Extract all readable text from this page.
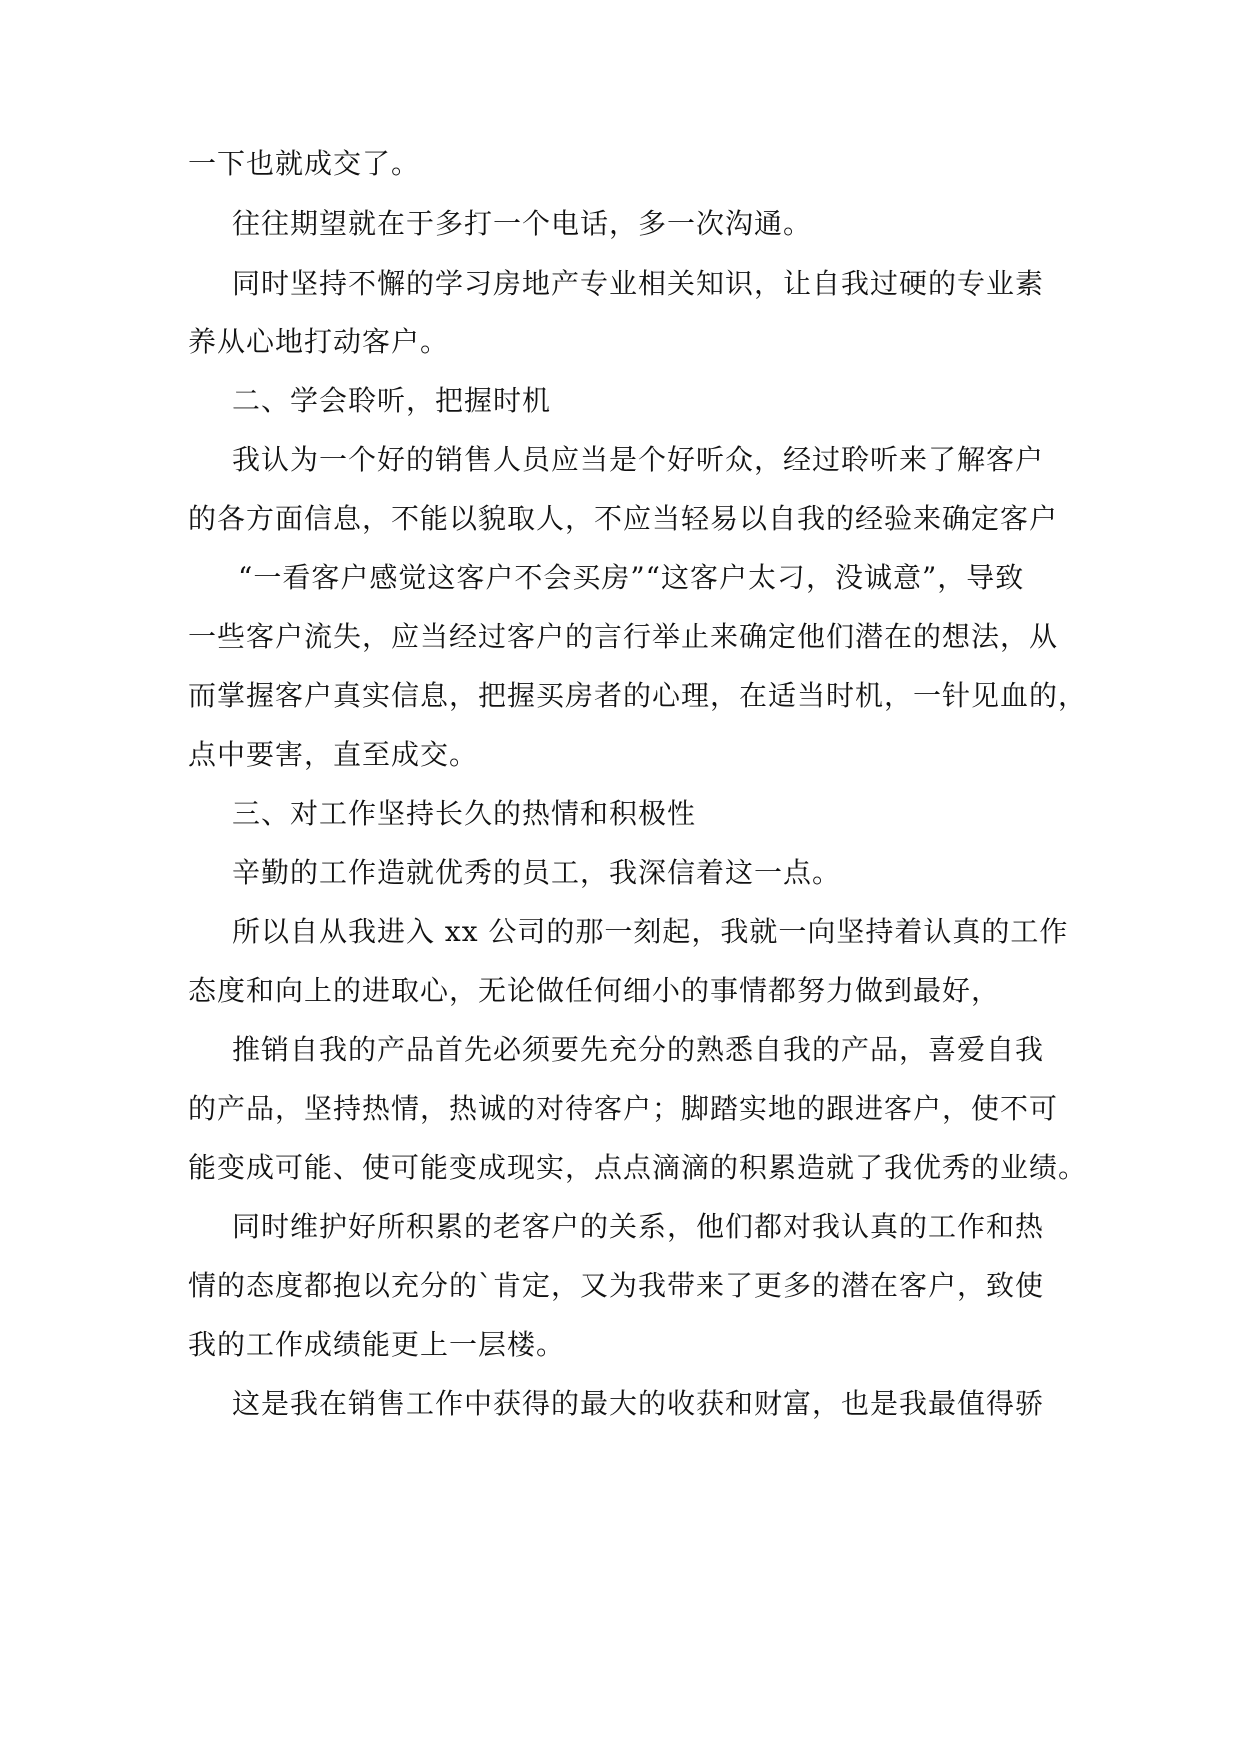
一下也就成交了。

往往期望就在于多打一个电话，多一次沟通。

同时坚持不懈的学习房地产专业相关知识，让自我过硬的专业素

养从心地打动客户。

二、学会聆听，把握时机

我认为一个好的销售人员应当是个好听众，经过聆听来了解客户

的各方面信息，不能以貌取人，不应当轻易以自我的经验来确定客户

“一看客户感觉这客户不会买房”“这客户太刁，没诚意”，导致

一些客户流失，应当经过客户的言行举止来确定他们潜在的想法，从

而掌握客户真实信息，把握买房者的心理，在适当时机，一针见血的，

点中要害，直至成交。

三、对工作坚持长久的热情和积极性

辛勤的工作造就优秀的员工，我深信着这一点。

所以自从我进入 xx 公司的那一刻起，我就一向坚持着认真的工作

态度和向上的进取心，无论做任何细小的事情都努力做到最好，

推销自我的产品首先必须要先充分的熟悉自我的产品，喜爱自我

的产品，坚持热情，热诚的对待客户；脚踏实地的跟进客户，使不可

能变成可能、使可能变成现实，点点滴滴的积累造就了我优秀的业绩。

同时维护好所积累的老客户的关系，他们都对我认真的工作和热

情的态度都抱以充分的`肯定，又为我带来了更多的潜在客户，致使

我的工作成绩能更上一层楼。

这是我在销售工作中获得的最大的收获和财富，也是我最值得骄
